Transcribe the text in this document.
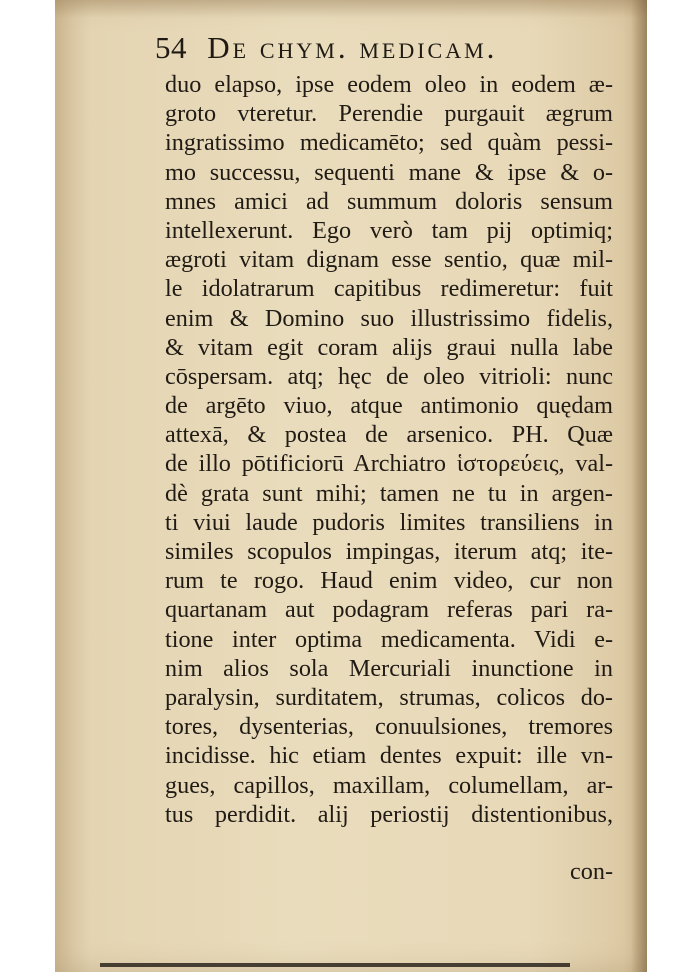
54 De chym. medicam.
duo elapso, ipse eodem oleo in eodem æ-
groto vteretur. Perendie purgauit ægrum
ingratissimo medicamēto; sed quàm pessi-
mo successu, sequenti mane & ipse & o-
mnes amici ad summum doloris sensum
intellexerunt. Ego verò tam pij optimiq;
ægroti vitam dignam esse sentio, quæ mil-
le idolatrarum capitibus redimeretur: fuit
enim & Domino suo illustrissimo fidelis,
& vitam egit coram alijs graui nulla labe
cōspersam. atq; hęc de oleo vitrioli: nunc
de argēto viuo, atque antimonio quędam
attexā, & postea de arsenico. PH. Quæ
de illo pōtificiorū Archiatro ἱστορεύεις, val-
dè grata sunt mihi; tamen ne tu in argen-
ti viui laude pudoris limites transiliens in
similes scopulos impingas, iterum atq; ite-
rum te rogo. Haud enim video, cur non
quartanam aut podagram referas pari ra-
tione inter optima medicamenta. Vidi e-
nim alios sola Mercuriali inunctione in
paralysin, surditatem, strumas, colicos do-
tores, dysenterias, conuulsiones, tremores
incidisse. hic etiam dentes expuit: ille vn-
gues, capillos, maxillam, columellam, ar-
tus perdidit. alij periostij distentionibus,
con-
